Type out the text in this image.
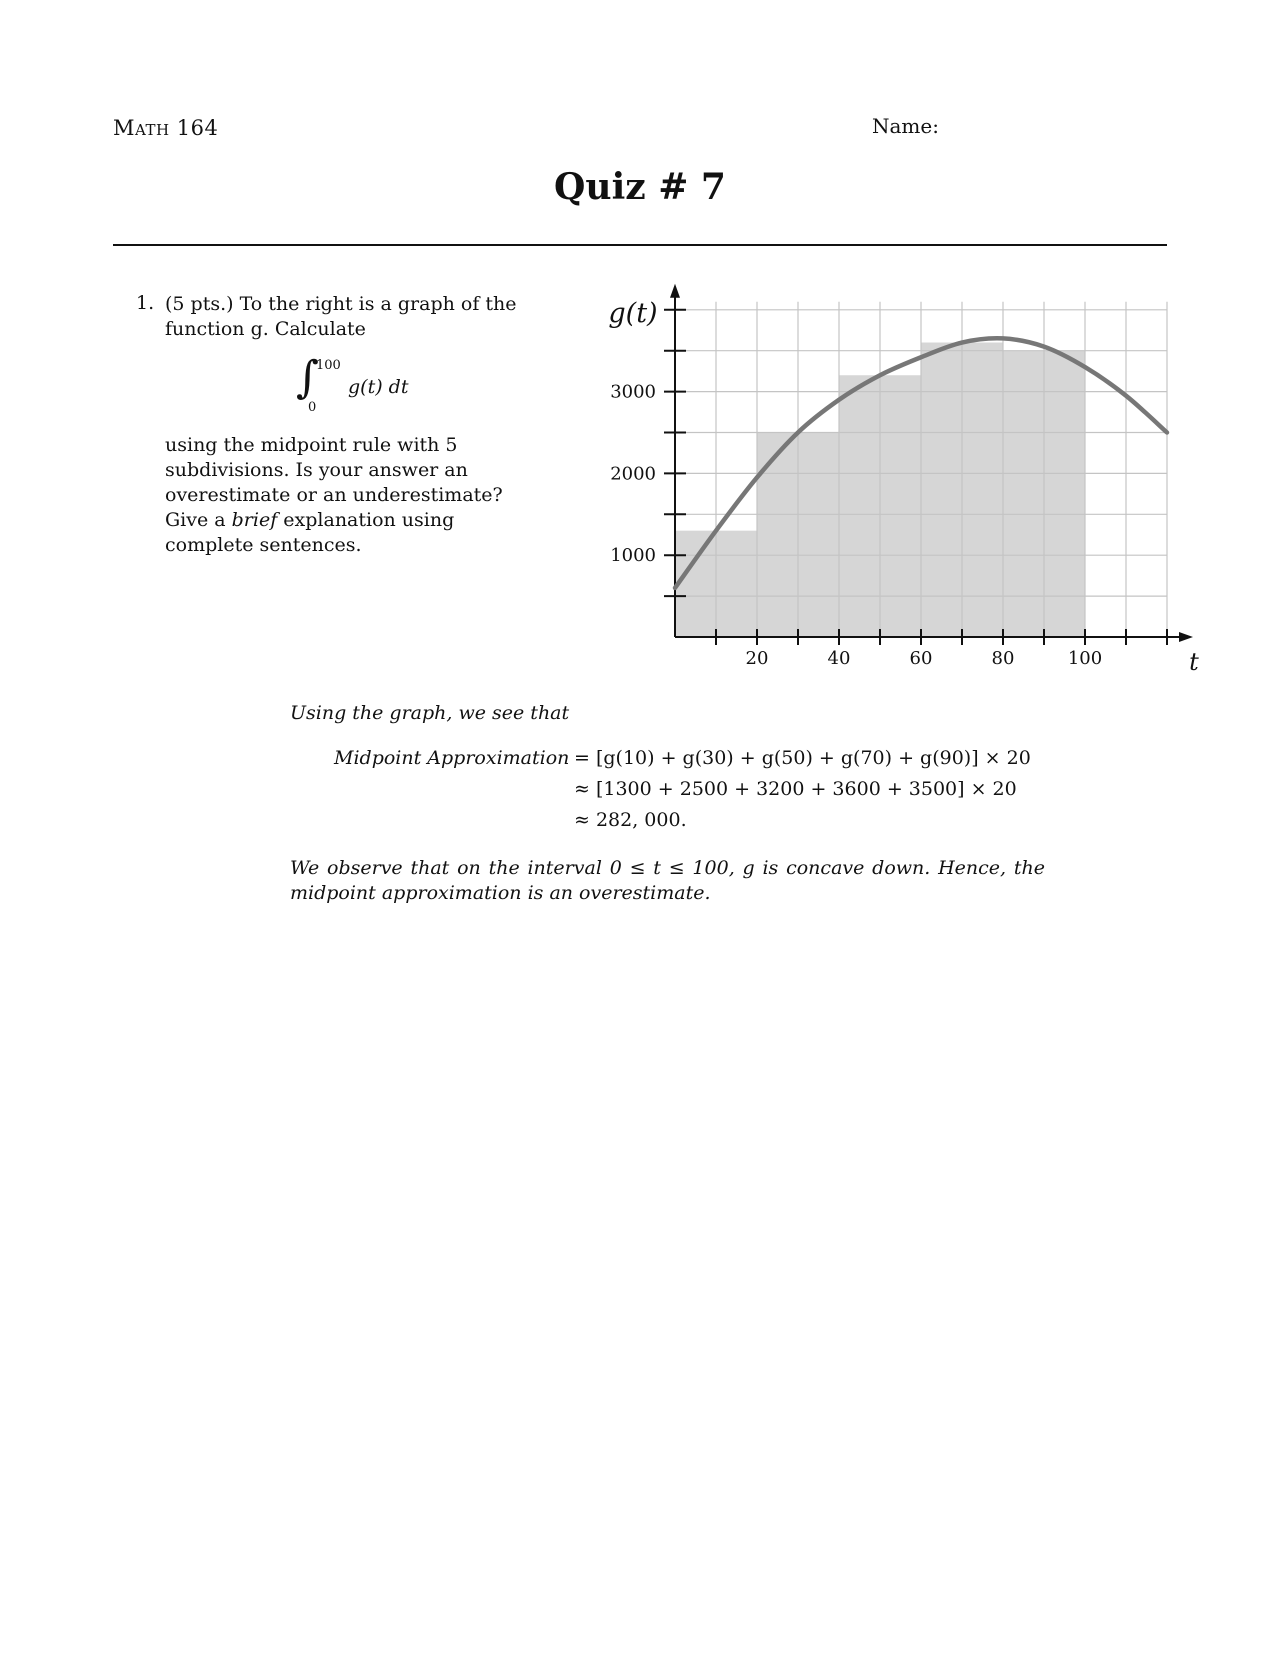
Math 164	Name:
Quiz # 7
1. (5 pts.) To the right is a graph of the function g. Calculate
∫
100
0
g(t) dt
using the midpoint rule with 5 subdivisions. Is your answer an overestimate or an underestimate? Give a brief explanation using complete sentences.
20	40	60	80	100
1000
2000
3000
t
g(t)
Using the graph, we see that
Midpoint Approximation = [g(10) + g(30) + g(50) + g(70) + g(90)] × 20
≈ [1300 + 2500 + 3200 + 3600 + 3500] × 20
≈ 282, 000.
We observe that on the interval 0 ≤ t ≤ 100, g is concave down. Hence, the midpoint approximation is an overestimate.
